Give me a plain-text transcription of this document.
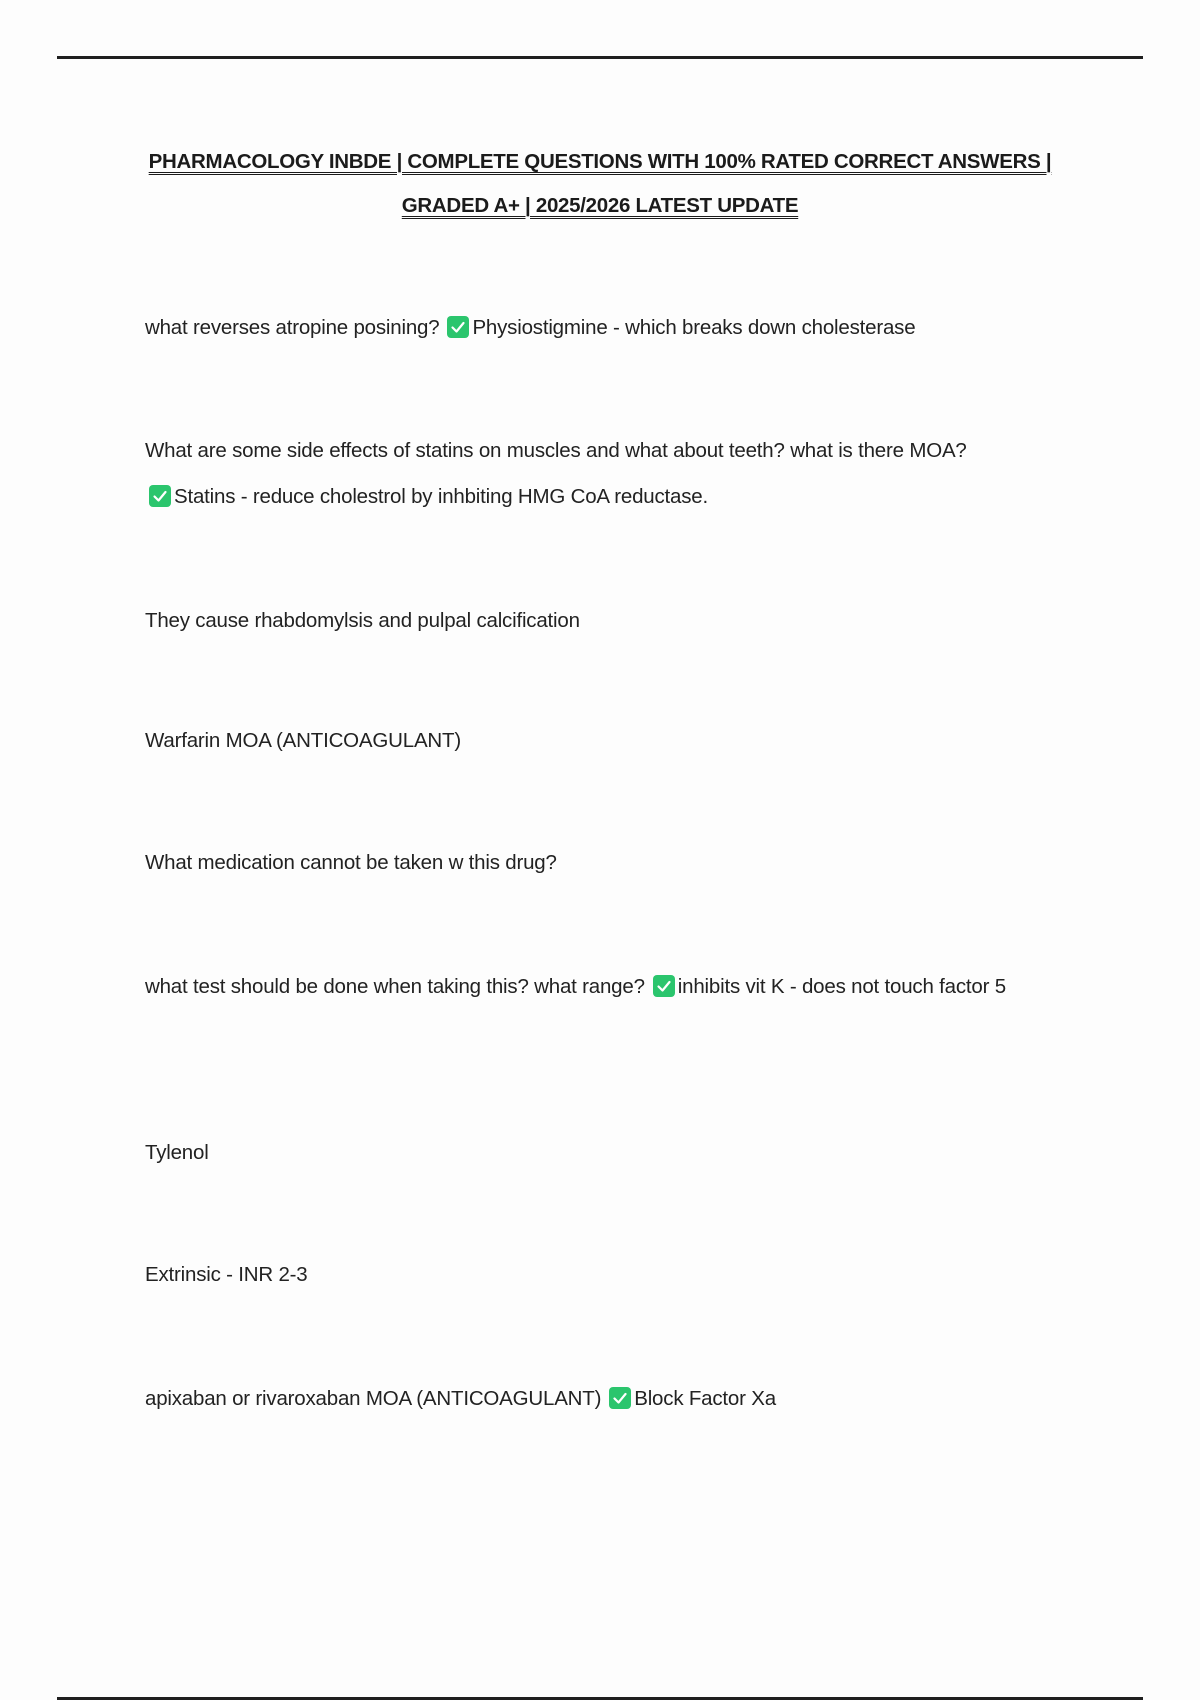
PHARMACOLOGY INBDE | COMPLETE QUESTIONS WITH 100% RATED CORRECT ANSWERS |
GRADED A+ | 2025/2026 LATEST UPDATE
what reverses atropine posining? Physiostigmine - which breaks down cholesterase
What are some side effects of statins on muscles and what about teeth? what is there MOA?
Statins - reduce cholestrol by inhbiting HMG CoA reductase.
They cause rhabdomylsis and pulpal calcification
Warfarin MOA (ANTICOAGULANT)
What medication cannot be taken w this drug?
what test should be done when taking this? what range? inhibits vit K - does not touch factor 5
Tylenol
Extrinsic - INR 2-3
apixaban or rivaroxaban MOA (ANTICOAGULANT) Block Factor Xa
